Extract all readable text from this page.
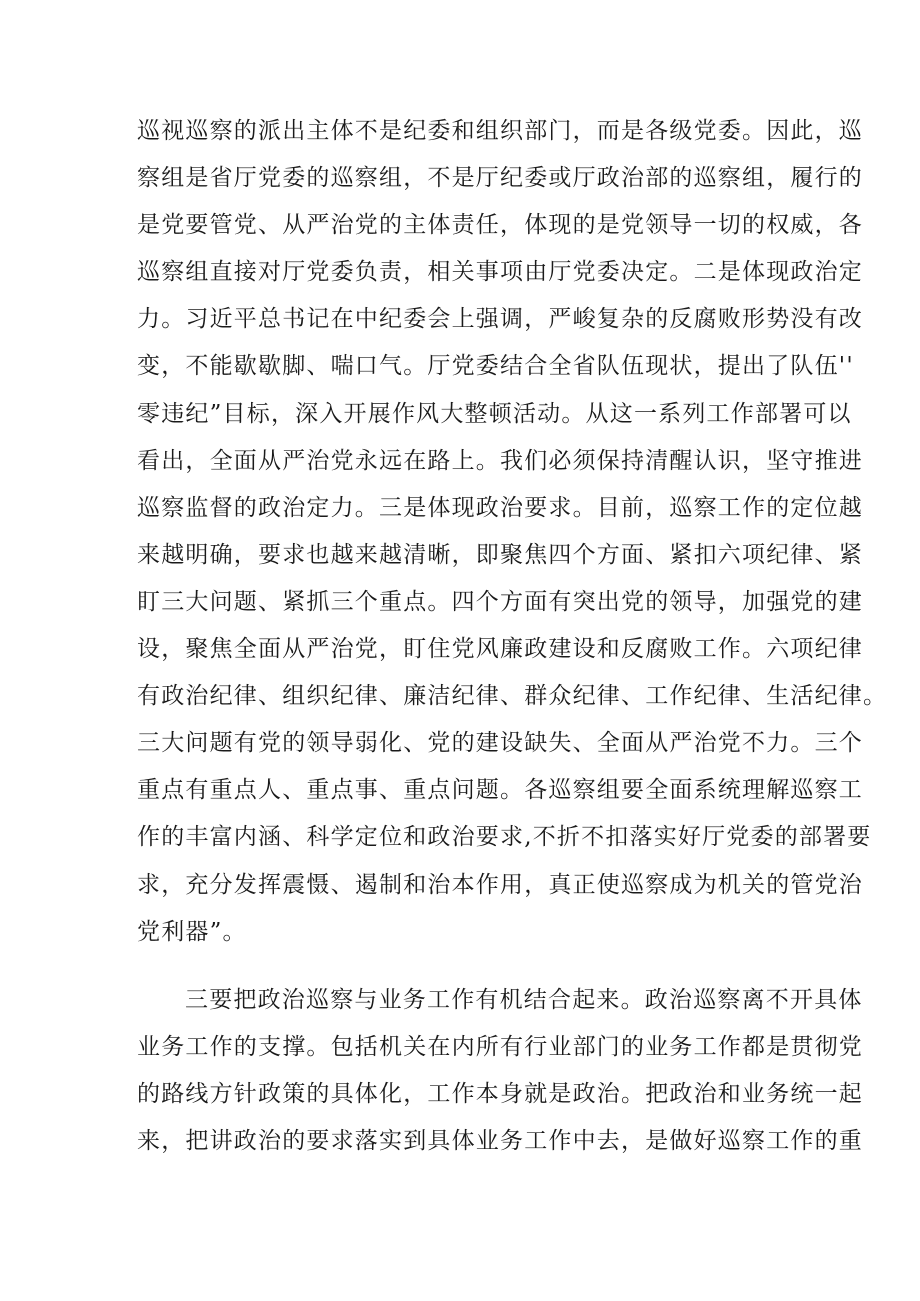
巡视巡察的派出主体不是纪委和组织部门，而是各级党委。因此，巡
察组是省厅党委的巡察组，不是厅纪委或厅政治部的巡察组，履行的
是党要管党、从严治党的主体责任，体现的是党领导一切的权威，各
巡察组直接对厅党委负责，相关事项由厅党委决定。二是体现政治定
力。习近平总书记在中纪委会上强调，严峻复杂的反腐败形势没有改
变，不能歇歇脚、喘口气。厅党委结合全省队伍现状，提出了队伍''
零违纪”目标，深入开展作风大整顿活动。从这一系列工作部署可以
看出，全面从严治党永远在路上。我们必须保持清醒认识，坚守推进
巡察监督的政治定力。三是体现政治要求。目前，巡察工作的定位越
来越明确，要求也越来越清晰，即聚焦四个方面、紧扣六项纪律、紧
盯三大问题、紧抓三个重点。四个方面有突出党的领导，加强党的建
设，聚焦全面从严治党，盯住党风廉政建设和反腐败工作。六项纪律
有政治纪律、组织纪律、廉洁纪律、群众纪律、工作纪律、生活纪律。
三大问题有党的领导弱化、党的建设缺失、全面从严治党不力。三个
重点有重点人、重点事、重点问题。各巡察组要全面系统理解巡察工
作的丰富内涵、科学定位和政治要求,不折不扣落实好厅党委的部署要
求，充分发挥震慑、遏制和治本作用，真正使巡察成为机关的管党治
党利器”。
三要把政治巡察与业务工作有机结合起来。政治巡察离不开具体
业务工作的支撑。包括机关在内所有行业部门的业务工作都是贯彻党
的路线方针政策的具体化，工作本身就是政治。把政治和业务统一起
来，把讲政治的要求落实到具体业务工作中去，是做好巡察工作的重
